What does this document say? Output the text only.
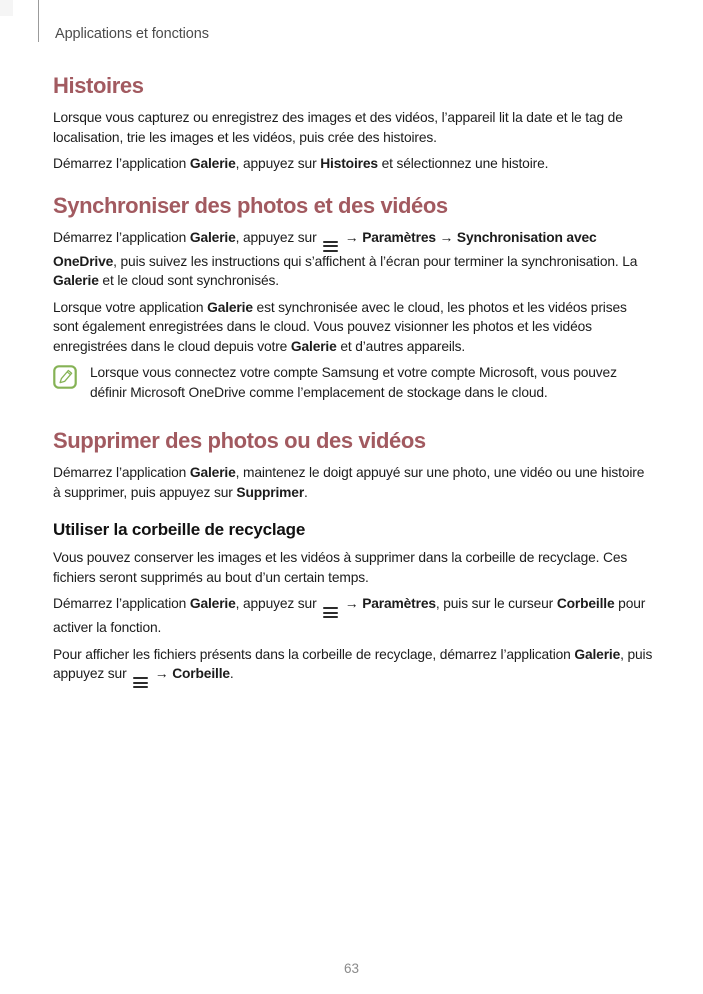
Applications et fonctions
Histoires

Lorsque vous capturez ou enregistrez des images et des vidéos, l’appareil lit la date et le tag de localisation, trie les images et les vidéos, puis crée des histoires.

Démarrez l’application Galerie, appuyez sur Histoires et sélectionnez une histoire.

Synchroniser des photos et des vidéos

Démarrez l’application Galerie, appuyez sur
→ Paramètres → Synchronisation avec OneDrive, puis suivez les instructions qui s’affichent à l’écran pour terminer la synchronisation. La Galerie et le cloud sont synchronisés.

Lorsque votre application Galerie est synchronisée avec le cloud, les photos et les vidéos prises sont également enregistrées dans le cloud. Vous pouvez visionner les photos et les vidéos enregistrées dans le cloud depuis votre Galerie et d’autres appareils.

Lorsque vous connectez votre compte Samsung et votre compte Microsoft, vous pouvez définir Microsoft OneDrive comme l’emplacement de stockage dans le cloud.

Supprimer des photos ou des vidéos

Démarrez l’application Galerie, maintenez le doigt appuyé sur une photo, une vidéo ou une histoire à supprimer, puis appuyez sur Supprimer.

Utiliser la corbeille de recyclage

Vous pouvez conserver les images et les vidéos à supprimer dans la corbeille de recyclage. Ces fichiers seront supprimés au bout d’un certain temps.

Démarrez l’application Galerie, appuyez sur
→ Paramètres, puis sur le curseur Corbeille pour activer la fonction.

Pour afficher les fichiers présents dans la corbeille de recyclage, démarrez l’application Galerie, puis appuyez sur
→ Corbeille.

63
